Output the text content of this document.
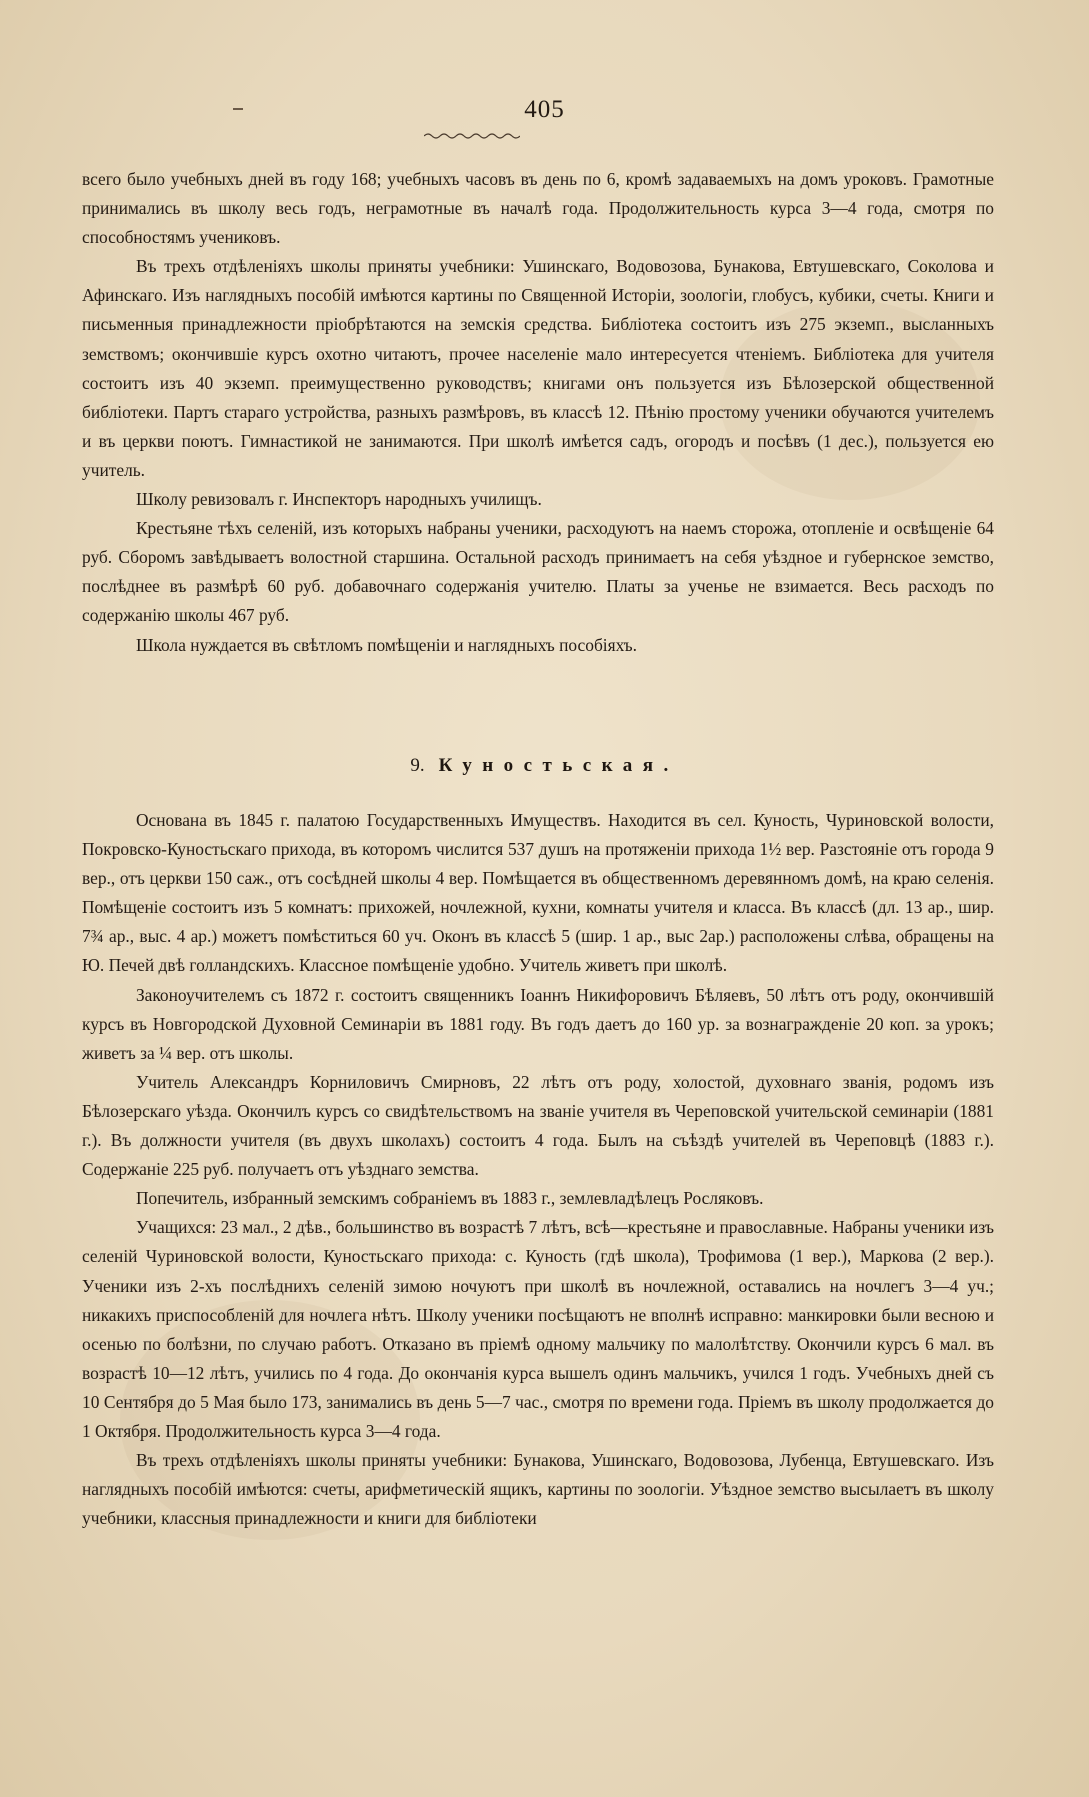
405

всего было учебныхъ дней въ году 168; учебныхъ часовъ въ день по 6, кромѣ задаваемыхъ на домъ уроковъ. Грамотные принимались въ школу весь годъ, неграмотные въ началѣ года. Продолжительность курса 3—4 года, смотря по способностямъ учениковъ.

Въ трехъ отдѣленіяхъ школы приняты учебники: Ушинскаго, Водовозова, Бунакова, Евтушевскаго, Соколова и Афинскаго. Изъ наглядныхъ пособій имѣются картины по Священной Исторіи, зоологіи, глобусъ, кубики, счеты. Книги и письменныя принадлежности пріобрѣтаются на земскія средства. Библіотека состоитъ изъ 275 экземп., высланныхъ земствомъ; окончившіе курсъ охотно читаютъ, прочее населеніе мало интересуется чтеніемъ. Библіотека для учителя состоитъ изъ 40 экземп. преимущественно руководствъ; книгами онъ пользуется изъ Бѣлозерской общественной библіотеки. Партъ стараго устройства, разныхъ размѣровъ, въ классѣ 12. Пѣнію простому ученики обучаются учителемъ и въ церкви поютъ. Гимнастикой не занимаются. При школѣ имѣется садъ, огородъ и посѣвъ (1 дес.), пользуется ею учитель.

Школу ревизовалъ г. Инспекторъ народныхъ училищъ.

Крестьяне тѣхъ селеній, изъ которыхъ набраны ученики, расходуютъ на наемъ сторожа, отопленіе и освѣщеніе 64 руб. Сборомъ завѣдываетъ волостной старшина. Остальной расходъ принимаетъ на себя уѣздное и губернское земство, послѣднее въ размѣрѣ 60 руб. добавочнаго содержанія учителю. Платы за ученье не взимается. Весь расходъ по содержанію школы 467 руб.

Школа нуждается въ свѣтломъ помѣщеніи и наглядныхъ пособіяхъ.

9. Куностьская.

Основана въ 1845 г. палатою Государственныхъ Имуществъ. Находится въ сел. Куность, Чуриновской волости, Покровско-Куностьскаго прихода, въ которомъ числится 537 душъ на протяженіи прихода 1½ вер. Разстояніе отъ города 9 вер., отъ церкви 150 саж., отъ сосѣдней школы 4 вер. Помѣщается въ общественномъ деревянномъ домѣ, на краю селенія. Помѣщеніе состоитъ изъ 5 комнатъ: прихожей, ночлежной, кухни, комнаты учителя и класса. Въ классѣ (дл. 13 ар., шир. 7¾ ар., выс. 4 ар.) можетъ помѣститься 60 уч. Оконъ въ классѣ 5 (шир. 1 ар., выс 2ар.) расположены слѣва, обращены на Ю. Печей двѣ голландскихъ. Классное помѣщеніе удобно. Учитель живетъ при школѣ.

Законоучителемъ съ 1872 г. состоитъ священникъ Іоаннъ Никифоровичъ Бѣляевъ, 50 лѣтъ отъ роду, окончившій курсъ въ Новгородской Духовной Семинаріи въ 1881 году. Въ годъ даетъ до 160 ур. за вознагражденіе 20 коп. за урокъ; живетъ за ¼ вер. отъ школы.

Учитель Александръ Корниловичъ Смирновъ, 22 лѣтъ отъ роду, холостой, духовнаго званія, родомъ изъ Бѣлозерскаго уѣзда. Окончилъ курсъ со свидѣтельствомъ на званіе учителя въ Череповской учительской семинаріи (1881 г.). Въ должности учителя (въ двухъ школахъ) состоитъ 4 года. Былъ на съѣздѣ учителей въ Череповцѣ (1883 г.). Содержаніе 225 руб. получаетъ отъ уѣзднаго земства.

Попечитель, избранный земскимъ собраніемъ въ 1883 г., землевладѣлецъ Росляковъ.

Учащихся: 23 мал., 2 дѣв., большинство въ возрастѣ 7 лѣтъ, всѣ—крестьяне и православные. Набраны ученики изъ селеній Чуриновской волости, Куностьскаго прихода: с. Куность (гдѣ школа), Трофимова (1 вер.), Маркова (2 вер.). Ученики изъ 2-хъ послѣднихъ селеній зимою ночуютъ при школѣ въ ночлежной, оставались на ночлегъ 3—4 уч.; никакихъ приспособленій для ночлега нѣтъ. Школу ученики посѣщаютъ не вполнѣ исправно: манкировки были весною и осенью по болѣзни, по случаю работъ. Отказано въ пріемѣ одному мальчику по малолѣтству. Окончили курсъ 6 мал. въ возрастѣ 10—12 лѣтъ, учились по 4 года. До окончанія курса вышелъ одинъ мальчикъ, учился 1 годъ. Учебныхъ дней съ 10 Сентября до 5 Мая было 173, занимались въ день 5—7 час., смотря по времени года. Пріемъ въ школу продолжается до 1 Октября. Продолжительность курса 3—4 года.

Въ трехъ отдѣленіяхъ школы приняты учебники: Бунакова, Ушинскаго, Водовозова, Лубенца, Евтушевскаго. Изъ наглядныхъ пособій имѣются: счеты, арифметическій ящикъ, картины по зоологіи. Уѣздное земство высылаетъ въ школу учебники, классныя принадлежности и книги для библіотеки
